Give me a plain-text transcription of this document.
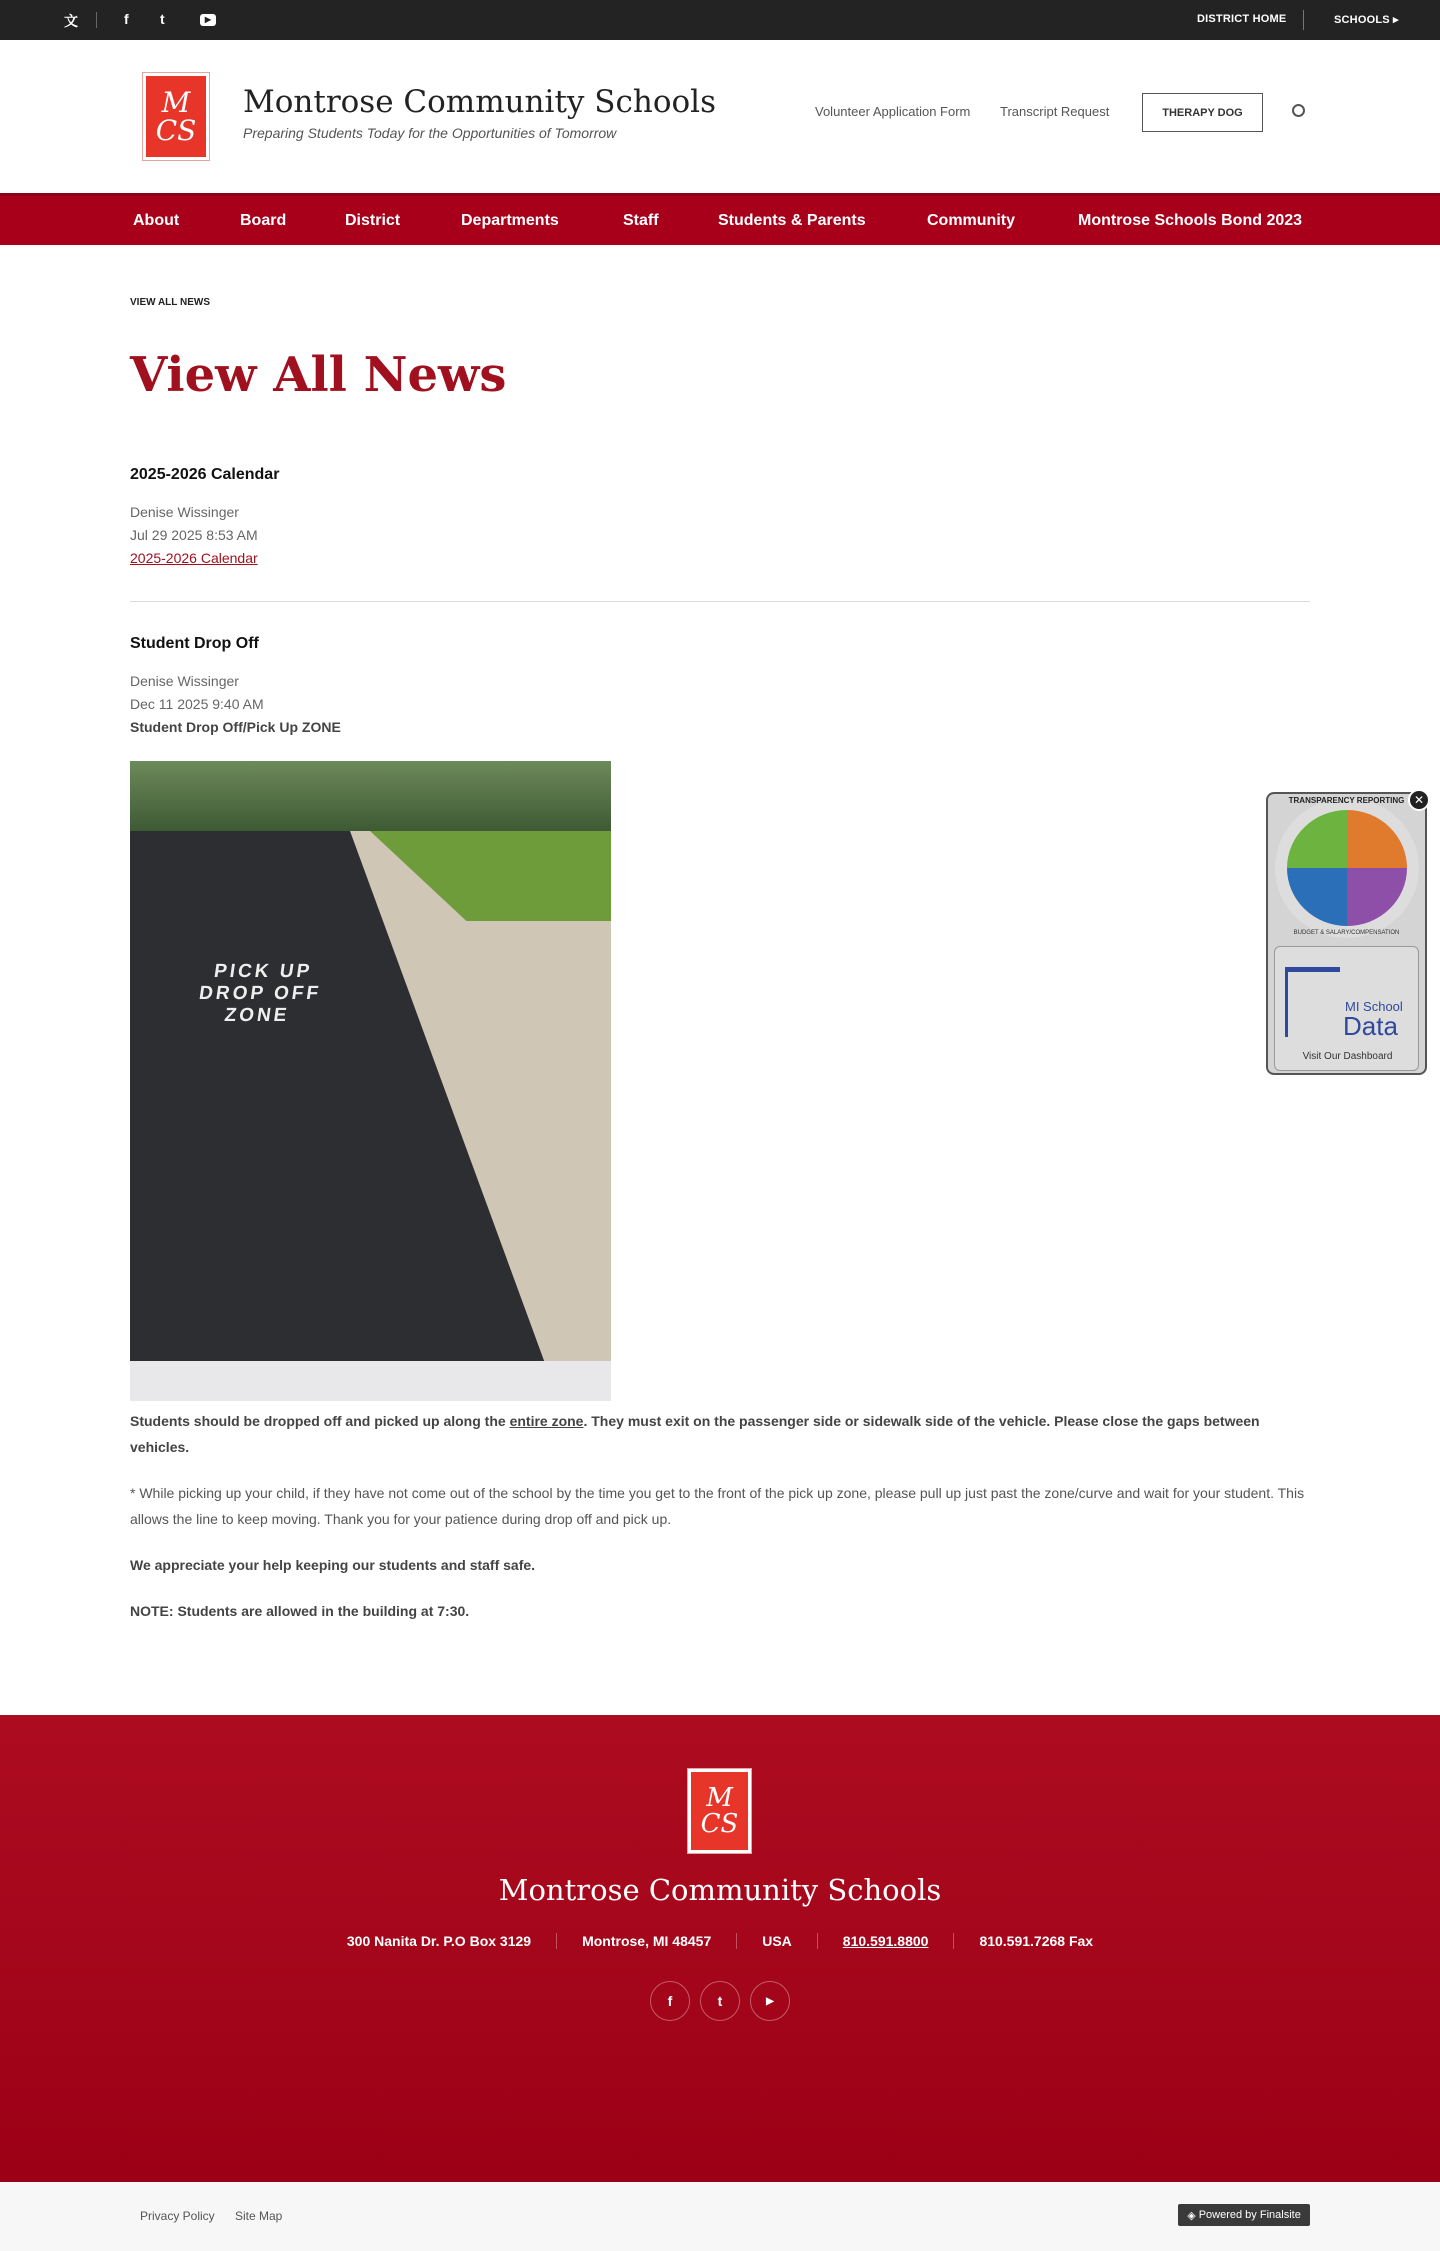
文	f t	▶	DISTRICT HOME	SCHOOLS ▸
M
CS
Montrose Community Schools
Preparing Students Today for the Opportunities of Tomorrow
Volunteer Application Form Transcript Request	THERAPY DOG
About	Board	District	Departments	Staff	Students & Parents	Community	Montrose Schools Bond 2023
VIEW ALL NEWS
View All News
2025-2026 Calendar
Denise Wissinger
Jul 29 2025 8:53 AM
2025-2026 Calendar
Student Drop Off
Denise Wissinger
Dec 11 2025 9:40 AM
Student Drop Off/Pick Up ZONE
PICK UP
DROP OFF
ZONE
Students should be dropped off and picked up along the entire zone. They must exit on the passenger side or sidewalk side of the vehicle. Please close the gaps between vehicles.
* While picking up your child, if they have not come out of the school by the time you get to the front of the pick up zone, please pull up just past the zone/curve and wait for your student. This allows the line to keep moving. Thank you for your patience during drop off and pick up.
We appreciate your help keeping our students and staff safe.
NOTE: Students are allowed in the building at 7:30.
TRANSPARENCY REPORTING
BUDGET & SALARY/COMPENSATION
MI School
Data
Visit Our Dashboard
✕
M
CS
Montrose Community Schools
300 Nanita Dr. P.O Box 3129	Montrose, MI 48457	USA	810.591.8800	810.591.7268 Fax
f	t	▶
Privacy Policy Site Map	◈ Powered by Finalsite
